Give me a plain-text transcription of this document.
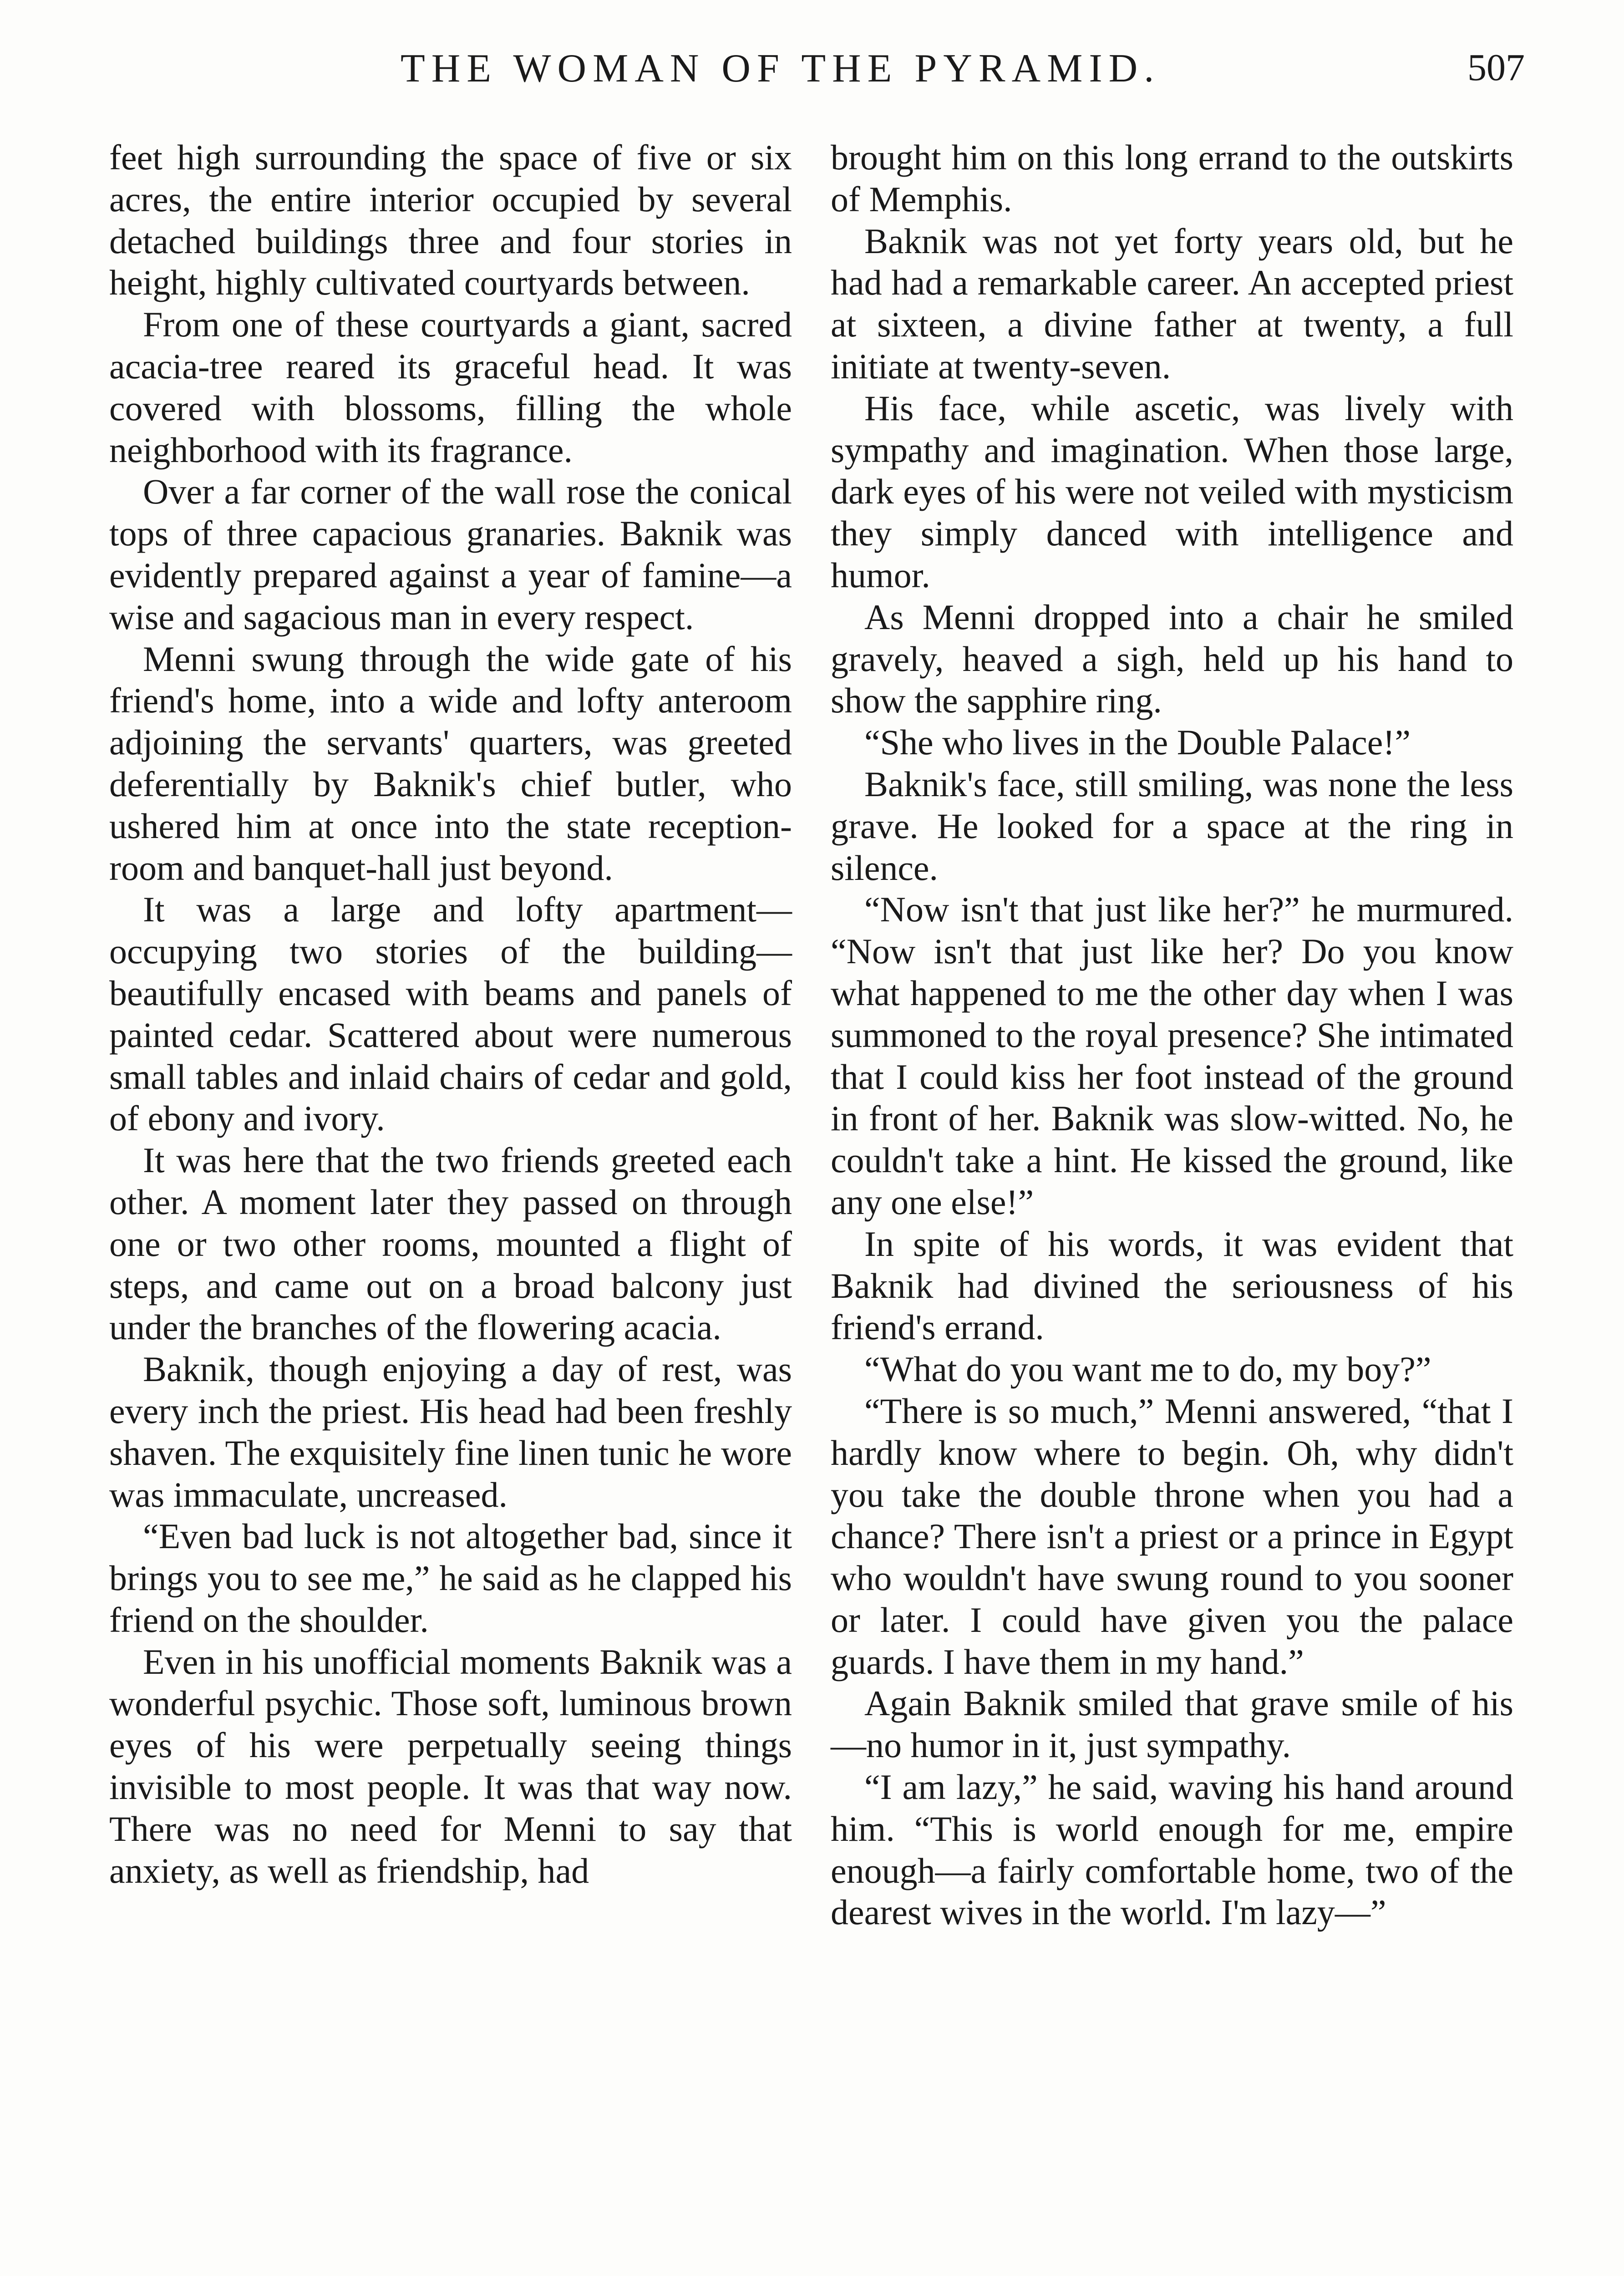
THE WOMAN OF THE PYRAMID.	507

feet high surrounding the space of five or six acres, the entire interior occupied by several detached buildings three and four stories in height, highly cultivated courtyards between.

From one of these courtyards a giant, sacred acacia-tree reared its graceful head. It was covered with blossoms, filling the whole neighborhood with its fragrance.

Over a far corner of the wall rose the conical tops of three capacious granaries. Baknik was evidently prepared against a year of famine—a wise and sagacious man in every respect.

Menni swung through the wide gate of his friend's home, into a wide and lofty anteroom adjoining the servants' quarters, was greeted deferentially by Baknik's chief butler, who ushered him at once into the state reception-room and banquet-hall just beyond.

It was a large and lofty apartment—occupying two stories of the building—beautifully encased with beams and panels of painted cedar. Scattered about were numerous small tables and inlaid chairs of cedar and gold, of ebony and ivory.

It was here that the two friends greeted each other. A moment later they passed on through one or two other rooms, mounted a flight of steps, and came out on a broad balcony just under the branches of the flowering acacia.

Baknik, though enjoying a day of rest, was every inch the priest. His head had been freshly shaven. The exquisitely fine linen tunic he wore was immaculate, uncreased.

“Even bad luck is not altogether bad, since it brings you to see me,” he said as he clapped his friend on the shoulder.

Even in his unofficial moments Baknik was a wonderful psychic. Those soft, luminous brown eyes of his were perpetually seeing things invisible to most people. It was that way now. There was no need for Menni to say that anxiety, as well as friendship, had

brought him on this long errand to the outskirts of Memphis.

Baknik was not yet forty years old, but he had had a remarkable career. An accepted priest at sixteen, a divine father at twenty, a full initiate at twenty-seven.

His face, while ascetic, was lively with sympathy and imagination. When those large, dark eyes of his were not veiled with mysticism they simply danced with intelligence and humor.

As Menni dropped into a chair he smiled gravely, heaved a sigh, held up his hand to show the sapphire ring.

“She who lives in the Double Palace!”

Baknik's face, still smiling, was none the less grave. He looked for a space at the ring in silence.

“Now isn't that just like her?” he murmured. “Now isn't that just like her? Do you know what happened to me the other day when I was summoned to the royal presence? She intimated that I could kiss her foot instead of the ground in front of her. Baknik was slow-witted. No, he couldn't take a hint. He kissed the ground, like any one else!”

In spite of his words, it was evident that Baknik had divined the seriousness of his friend's errand.

“What do you want me to do, my boy?”

“There is so much,” Menni answered, “that I hardly know where to begin. Oh, why didn't you take the double throne when you had a chance? There isn't a priest or a prince in Egypt who wouldn't have swung round to you sooner or later. I could have given you the palace guards. I have them in my hand.”

Again Baknik smiled that grave smile of his—no humor in it, just sympathy.

“I am lazy,” he said, waving his hand around him. “This is world enough for me, empire enough—a fairly comfortable home, two of the dearest wives in the world. I'm lazy—”
